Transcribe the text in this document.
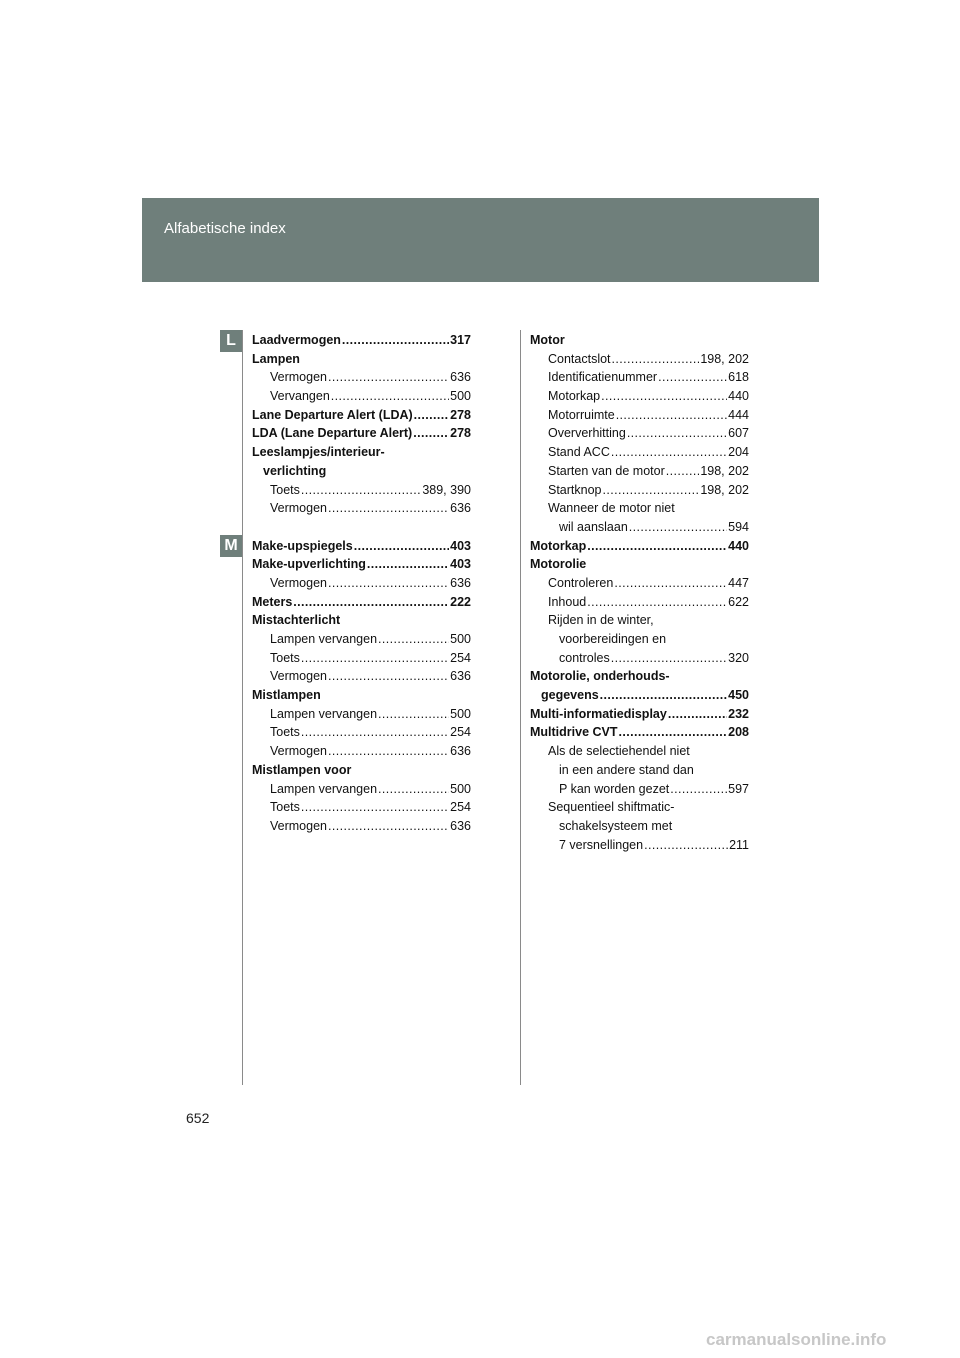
Alfabetische index
L
M
Laadvermogen .....	317
Lampen
Vermogen .....	636
Vervangen .....	500
Lane Departure Alert (LDA) .....	278
LDA (Lane Departure Alert) .....	278
Leeslampjes/interieur-
verlichting
Toets .....	389, 390
Vermogen .....	636
Make-upspiegels .....	403
Make-upverlichting .....	403
Vermogen .....	636
Meters .....	222
Mistachterlicht
Lampen vervangen .....	500
Toets .....	254
Vermogen .....	636
Mistlampen
Lampen vervangen .....	500
Toets .....	254
Vermogen .....	636
Mistlampen voor
Lampen vervangen .....	500
Toets .....	254
Vermogen .....	636
Motor
Contactslot .....	198, 202
Identificatienummer .....	618
Motorkap .....	440
Motorruimte .....	444
Oververhitting .....	607
Stand ACC .....	204
Starten van de motor .....	198, 202
Startknop .....	198, 202
Wanneer de motor niet
wil aanslaan .....	594
Motorkap .....	440
Motorolie
Controleren .....	447
Inhoud .....	622
Rijden in de winter,
voorbereidingen en
controles .....	320
Motorolie, onderhouds-
gegevens .....	450
Multi-informatiedisplay .....	232
Multidrive CVT .....	208
Als de selectiehendel niet
in een andere stand dan
P kan worden gezet .....	597
Sequentieel shiftmatic-
schakelsysteem met
7 versnellingen .....	211
652
carmanualsonline.info
